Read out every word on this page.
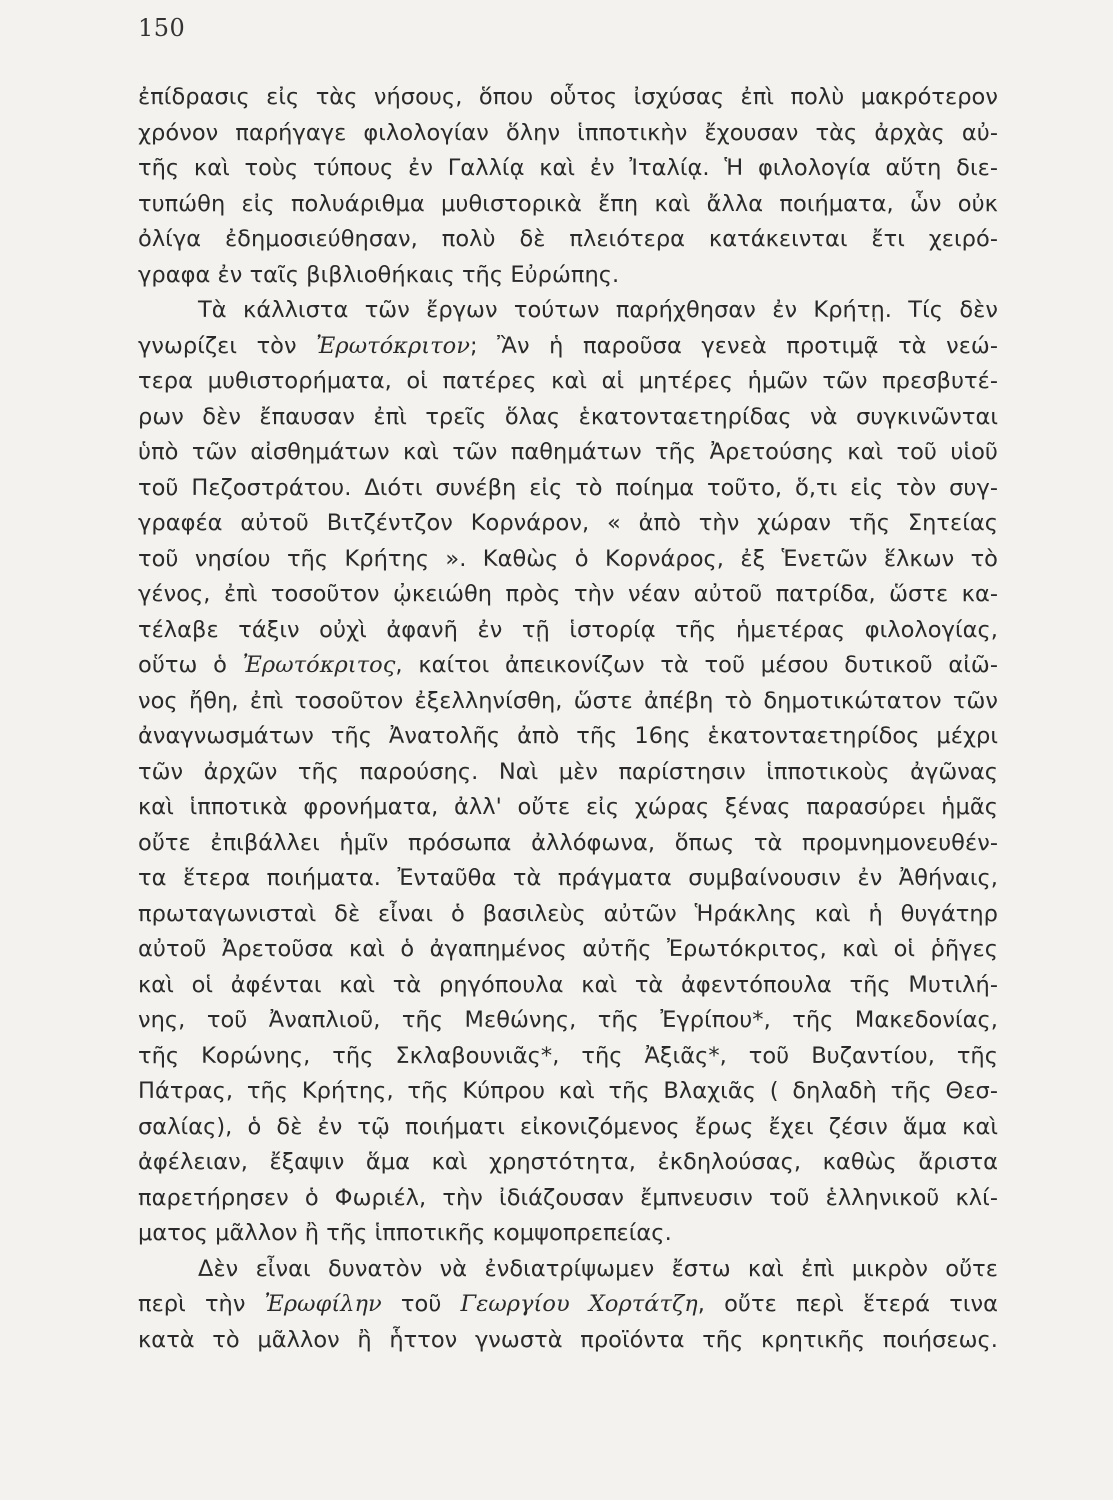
150
ἐπίδρασις εἰς τὰς νήσους, ὅπου οὗτος ἰσχύσας ἐπὶ πολὺ μακρότερον
χρόνον παρήγαγε φιλολογίαν ὅλην ἱπποτικὴν ἔχουσαν τὰς ἀρχὰς αὐ-
τῆς καὶ τοὺς τύπους ἐν Γαλλίᾳ καὶ ἐν Ἰταλίᾳ. Ἡ φιλολογία αὕτη διε-
τυπώθη εἰς πολυάριθμα μυθιστορικὰ ἔπη καὶ ἄλλα ποιήματα, ὧν οὐκ
ὀλίγα ἐδημοσιεύθησαν, πολὺ δὲ πλειότερα κατάκεινται ἔτι χειρό-
γραφα ἐν ταῖς βιβλιοθήκαις τῆς Εὐρώπης.
Τὰ κάλλιστα τῶν ἔργων τούτων παρήχθησαν ἐν Κρήτῃ. Τίς δὲν
γνωρίζει τὸν Ἐρωτόκριτον; Ἂν ἡ παροῦσα γενεὰ προτιμᾷ τὰ νεώ-
τερα μυθιστορήματα, οἱ πατέρες καὶ αἱ μητέρες ἡμῶν τῶν πρεσβυτέ-
ρων δὲν ἔπαυσαν ἐπὶ τρεῖς ὅλας ἑκατονταετηρίδας νὰ συγκινῶνται
ὑπὸ τῶν αἰσθημάτων καὶ τῶν παθημάτων τῆς Ἀρετούσης καὶ τοῦ υἱοῦ
τοῦ Πεζοστράτου. Διότι συνέβη εἰς τὸ ποίημα τοῦτο, ὅ,τι εἰς τὸν συγ-
γραφέα αὐτοῦ Βιτζέντζον Κορνάρον, « ἀπὸ τὴν χώραν τῆς Σητείας
τοῦ νησίου τῆς Κρήτης ». Καθὼς ὁ Κορνάρος, ἐξ Ἑνετῶν ἕλκων τὸ
γένος, ἐπὶ τοσοῦτον ᾠκειώθη πρὸς τὴν νέαν αὐτοῦ πατρίδα, ὥστε κα-
τέλαβε τάξιν οὐχὶ ἀφανῆ ἐν τῇ ἱστορίᾳ τῆς ἡμετέρας φιλολογίας,
οὕτω ὁ Ἐρωτόκριτος, καίτοι ἀπεικονίζων τὰ τοῦ μέσου δυτικοῦ αἰῶ-
νος ἤθη, ἐπὶ τοσοῦτον ἐξελληνίσθη, ὥστε ἀπέβη τὸ δημοτικώτατον τῶν
ἀναγνωσμάτων τῆς Ἀνατολῆς ἀπὸ τῆς 16ης ἑκατονταετηρίδος μέχρι
τῶν ἀρχῶν τῆς παρούσης. Ναὶ μὲν παρίστησιν ἱπποτικοὺς ἀγῶνας
καὶ ἱπποτικὰ φρονήματα, ἀλλ' οὔτε εἰς χώρας ξένας παρασύρει ἡμᾶς
οὔτε ἐπιβάλλει ἡμῖν πρόσωπα ἀλλόφωνα, ὅπως τὰ προμνημονευθέν-
τα ἕτερα ποιήματα. Ἐνταῦθα τὰ πράγματα συμβαίνουσιν ἐν Ἀθήναις,
πρωταγωνισταὶ δὲ εἶναι ὁ βασιλεὺς αὐτῶν Ἡράκλης καὶ ἡ θυγάτηρ
αὐτοῦ Ἀρετοῦσα καὶ ὁ ἀγαπημένος αὐτῆς Ἐρωτόκριτος, καὶ οἱ ῥῆγες
καὶ οἱ ἀφένται καὶ τὰ ρηγόπουλα καὶ τὰ ἀφεντόπουλα τῆς Μυτιλή-
νης, τοῦ Ἀναπλιοῦ, τῆς Μεθώνης, τῆς Ἐγρίπου*, τῆς Μακεδονίας,
τῆς Κορώνης, τῆς Σκλαβουνιᾶς*, τῆς Ἀξιᾶς*, τοῦ Βυζαντίου, τῆς
Πάτρας, τῆς Κρήτης, τῆς Κύπρου καὶ τῆς Βλαχιᾶς ( δηλαδὴ τῆς Θεσ-
σαλίας), ὁ δὲ ἐν τῷ ποιήματι εἰκονιζόμενος ἔρως ἔχει ζέσιν ἅμα καὶ
ἀφέλειαν, ἔξαψιν ἅμα καὶ χρηστότητα, ἐκδηλούσας, καθὼς ἄριστα
παρετήρησεν ὁ Φωριέλ, τὴν ἰδιάζουσαν ἔμπνευσιν τοῦ ἑλληνικοῦ κλί-
ματος μᾶλλον ἢ τῆς ἱπποτικῆς κομψοπρεπείας.
Δὲν εἶναι δυνατὸν νὰ ἐνδιατρίψωμεν ἔστω καὶ ἐπὶ μικρὸν οὔτε
περὶ τὴν Ἐρωφίλην τοῦ Γεωργίου Χορτάτζη, οὔτε περὶ ἕτερά τινα
κατὰ τὸ μᾶλλον ἢ ἧττον γνωστὰ προϊόντα τῆς κρητικῆς ποιήσεως.
